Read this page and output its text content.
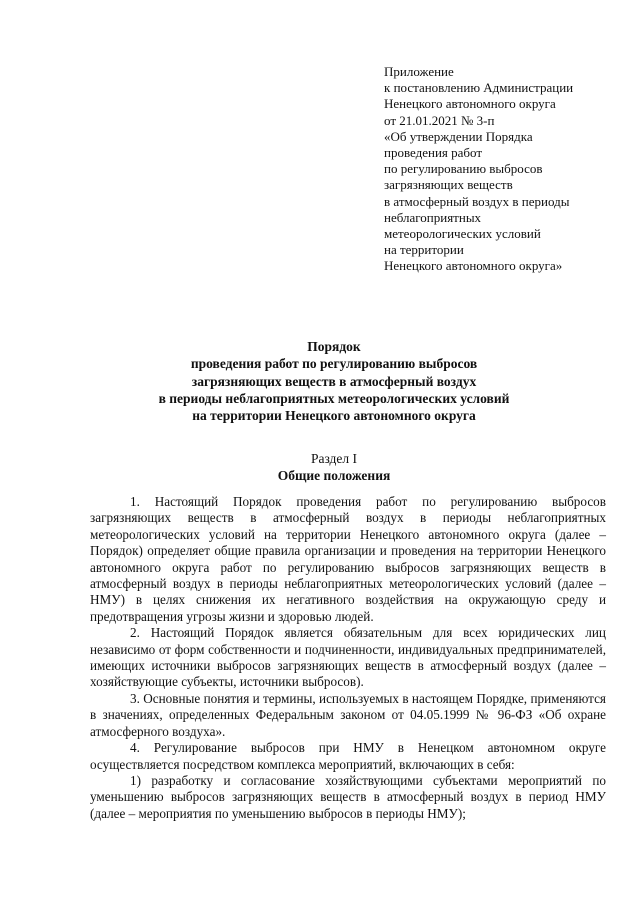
Приложение
к постановлению Администрации
Ненецкого автономного округа
от 21.01.2021 № 3-п
«Об утверждении Порядка
проведения работ
по регулированию выбросов
загрязняющих веществ
в атмосферный воздух в периоды
неблагоприятных
метеорологических условий
на территории
Ненецкого автономного округа»
Порядок
проведения работ по регулированию выбросов
загрязняющих веществ в атмосферный воздух
в периоды неблагоприятных метеорологических условий
на территории Ненецкого автономного округа
Раздел I
Общие положения

1. Настоящий Порядок проведения работ по регулированию выбросов загрязняющих веществ в атмосферный воздух в периоды неблагоприятных метеорологических условий на территории Ненецкого автономного округа (далее – Порядок) определяет общие правила организации и проведения на территории Ненецкого автономного округа работ по регулированию выбросов загрязняющих веществ в атмосферный воздух в периоды неблагоприятных метеорологических условий (далее – НМУ) в целях снижения их негативного воздействия на окружающую среду и предотвращения угрозы жизни и здоровью людей.

2. Настоящий Порядок является обязательным для всех юридических лиц независимо от форм собственности и подчиненности, индивидуальных предпринимателей, имеющих источники выбросов загрязняющих веществ в атмосферный воздух (далее – хозяйствующие субъекты, источники выбросов).

3. Основные понятия и термины, используемых в настоящем Порядке, применяются в значениях, определенных Федеральным законом от 04.05.1999 № 96-ФЗ «Об охране атмосферного воздуха».

4. Регулирование выбросов при НМУ в Ненецком автономном округе осуществляется посредством комплекса мероприятий, включающих в себя:

1) разработку и согласование хозяйствующими субъектами мероприятий по уменьшению выбросов загрязняющих веществ в атмосферный воздух в период НМУ (далее – мероприятия по уменьшению выбросов в периоды НМУ);
